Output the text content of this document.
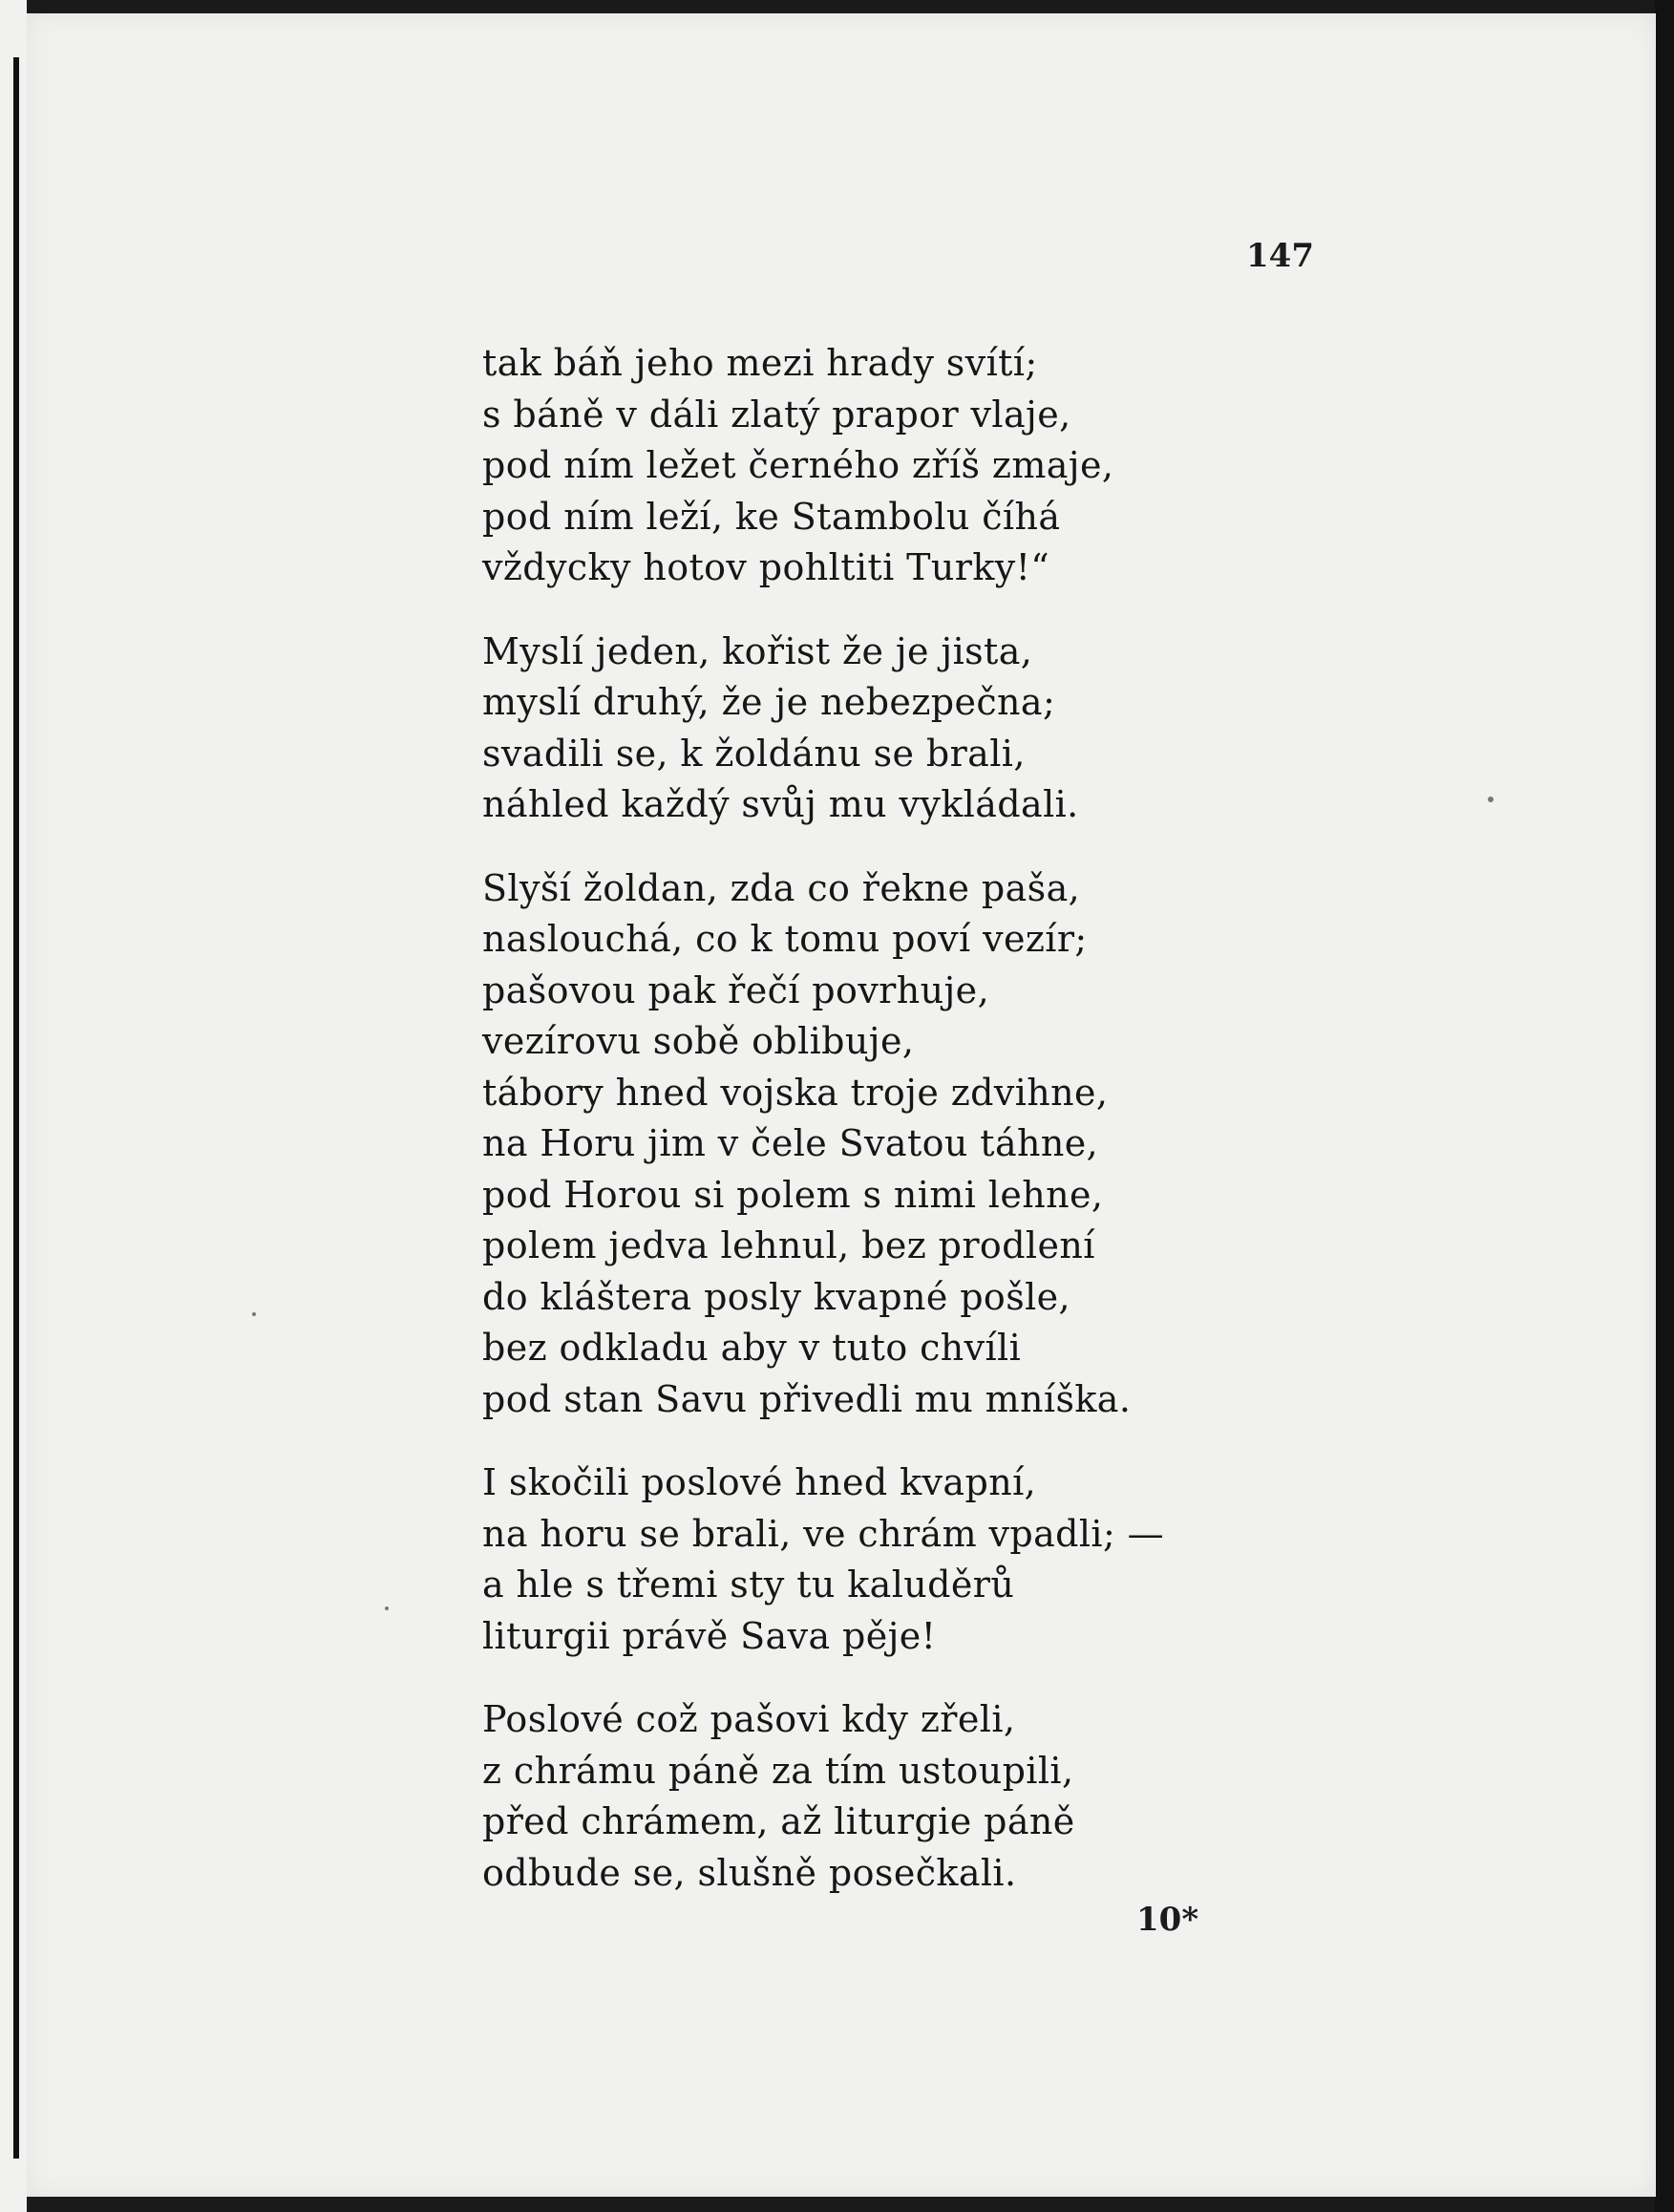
147
tak báň jeho mezi hrady svítí;
s báně v dáli zlatý prapor vlaje,
pod ním ležet černého zříš zmaje,
pod ním leží, ke Stambolu číhá
vždycky hotov pohltiti Turky!“
Myslí jeden, kořist že je jista,
myslí druhý, že je nebezpečna;
svadili se, k žoldánu se brali,
náhled každý svůj mu vykládali.
Slyší žoldan, zda co řekne paša,
naslouchá, co k tomu poví vezír;
pašovou pak řečí povrhuje,
vezírovu sobě oblibuje,
tábory hned vojska troje zdvihne,
na Horu jim v čele Svatou táhne,
pod Horou si polem s nimi lehne,
polem jedva lehnul, bez prodlení
do kláštera posly kvapné pošle,
bez odkladu aby v tuto chvíli
pod stan Savu přivedli mu mníška.
I skočili poslové hned kvapní,
na horu se brali, ve chrám vpadli; —
a hle s třemi sty tu kaluděrů
liturgii právě Sava pěje!
Poslové což pašovi kdy zřeli,
z chrámu páně za tím ustoupili,
před chrámem, až liturgie páně
odbude se, slušně posečkali.
10*
